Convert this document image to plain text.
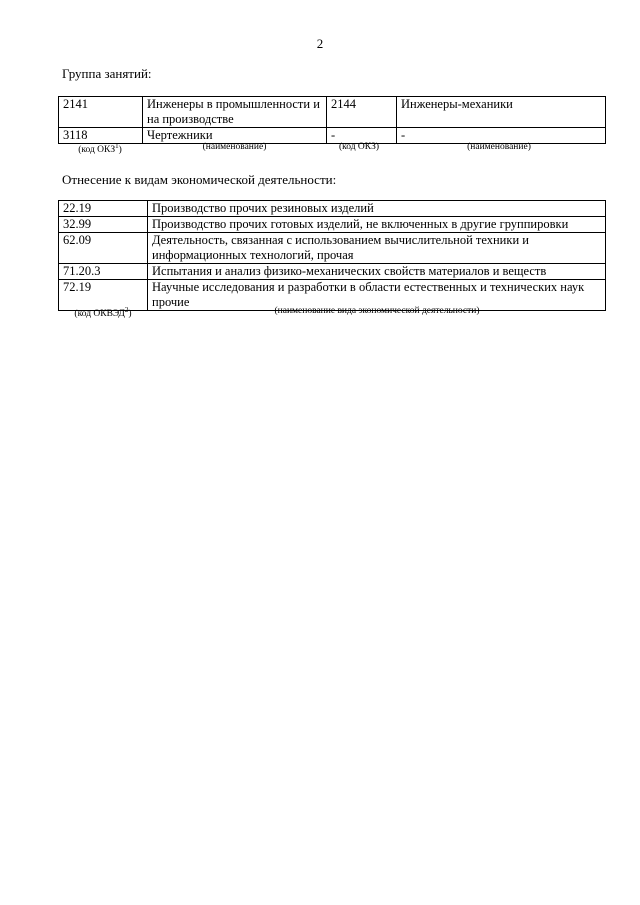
2
Группа занятий:
2141	Инженеры в промышленности и на производстве	2144	Инженеры-механики
3118	Чертежники	-	-
(код ОКЗ$^1$)	(наименование)	(код ОКЗ)	(наименование)
Отнесение к видам экономической деятельности:
22.19	Производство прочих резиновых изделий
32.99	Производство прочих готовых изделий, не включенных в другие группировки
62.09	Деятельность, связанная с использованием вычислительной техники и информационных технологий, прочая
71.20.3	Испытания и анализ физико-механических свойств материалов и веществ
72.19	Научные исследования и разработки в области естественных и технических наук прочие
(код ОКВЭД$^2$)	(наименование вида экономической деятельности)
